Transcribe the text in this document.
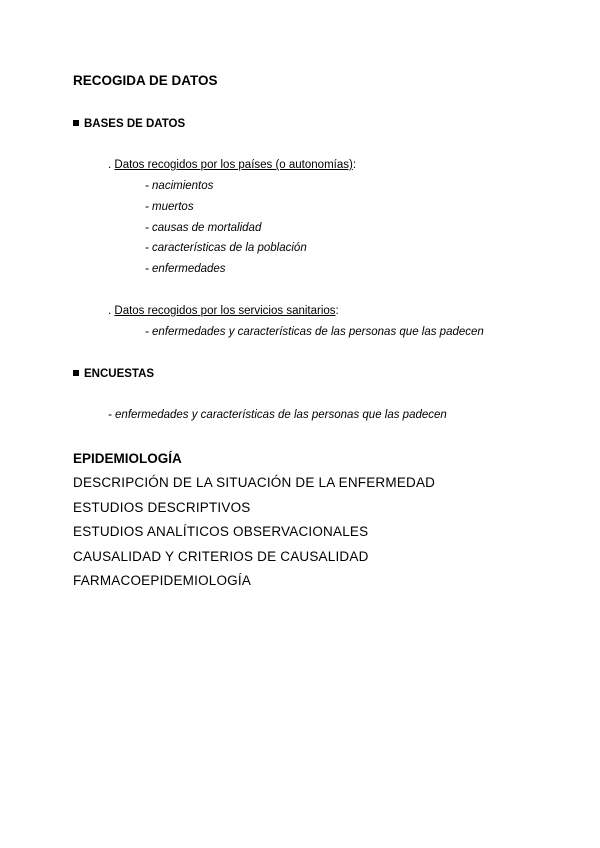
RECOGIDA DE DATOS
BASES DE DATOS
. Datos recogidos por los países (o autonomías):
- nacimientos
- muertos
- causas de mortalidad
- características de la población
- enfermedades
. Datos recogidos por los servicios sanitarios:
- enfermedades y características de las personas que las padecen
ENCUESTAS
- enfermedades y características de las personas que las padecen
EPIDEMIOLOGÍA
DESCRIPCIÓN DE LA SITUACIÓN DE LA ENFERMEDAD
ESTUDIOS DESCRIPTIVOS
ESTUDIOS ANALÍTICOS OBSERVACIONALES
CAUSALIDAD Y CRITERIOS DE CAUSALIDAD
FARMACOEPIDEMIOLOGÍA
